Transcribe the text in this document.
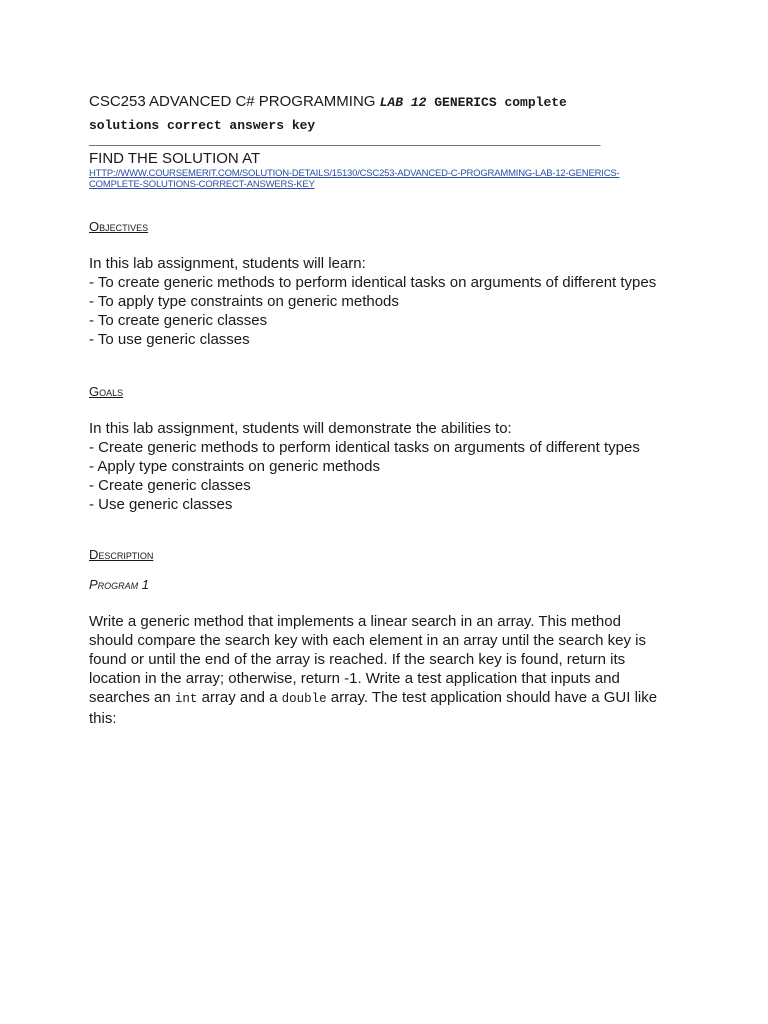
CSC253 ADVANCED C# PROGRAMMING LAB 12 GENERICS complete
solutions correct answers key
______________________________________________________________________
FIND THE SOLUTION AT
HTTP://WWW.COURSEMERIT.COM/SOLUTION-DETAILS/15130/CSC253-ADVANCED-C-PROGRAMMING-LAB-12-GENERICS-COMPLETE-SOLUTIONS-CORRECT-ANSWERS-KEY
Objectives

In this lab assignment, students will learn:

- To create generic methods to perform identical tasks on arguments of different types

- To apply type constraints on generic methods

- To create generic classes

- To use generic classes

Goals

In this lab assignment, students will demonstrate the abilities to:

- Create generic methods to perform identical tasks on arguments of different types

- Apply type constraints on generic methods

- Create generic classes

- Use generic classes

Description
Program 1
Write a generic method that implements a linear search in an array. This method should compare the search key with each element in an array until the search key is found or until the end of the array is reached. If the search key is found, return its location in the array; otherwise, return -1. Write a test application that inputs and searches an int array and a double array. The test application should have a GUI like this:
